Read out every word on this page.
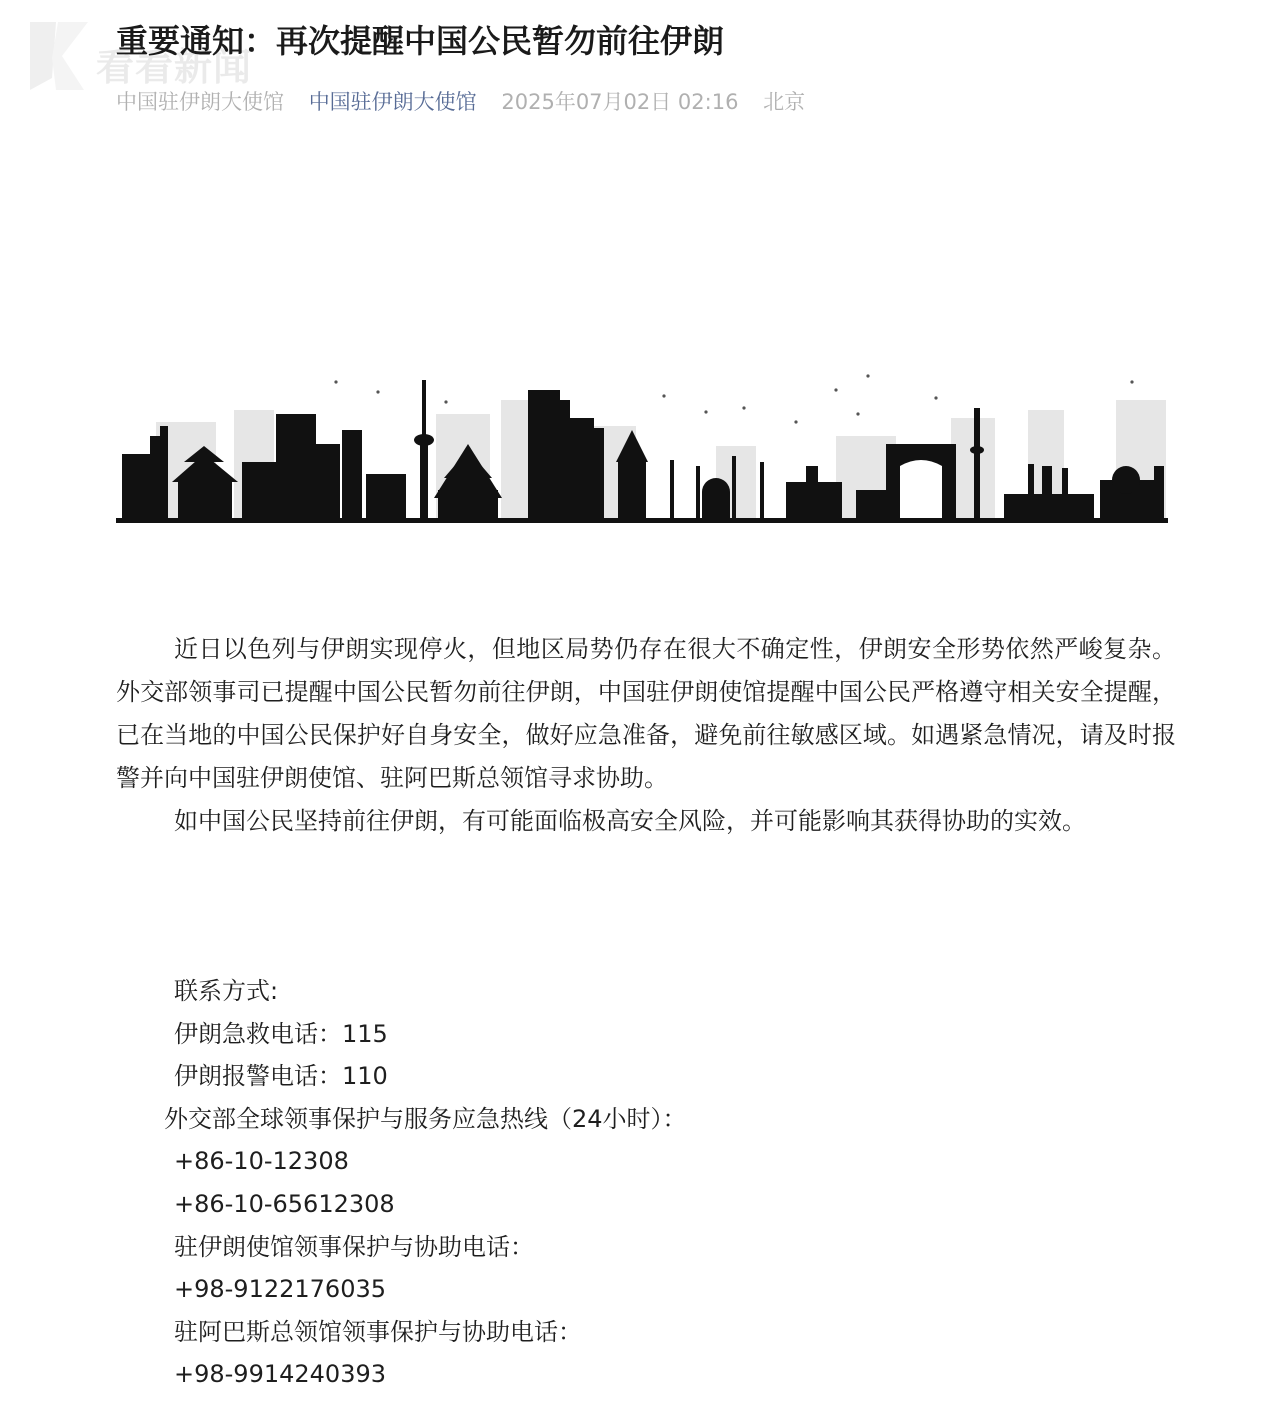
看看新闻
重要通知：再次提醒中国公民暂勿前往伊朗
中国驻伊朗大使馆 中国驻伊朗大使馆 2025年07月02日 02:16 北京

近日以色列与伊朗实现停火，但地区局势仍存在很大不确定性，伊朗安全形势依然严峻复杂。外交部领事司已提醒中国公民暂勿前往伊朗，中国驻伊朗使馆提醒中国公民严格遵守相关安全提醒，已在当地的中国公民保护好自身安全，做好应急准备，避免前往敏感区域。如遇紧急情况，请及时报警并向中国驻伊朗使馆、驻阿巴斯总领馆寻求协助。

如中国公民坚持前往伊朗，有可能面临极高安全风险，并可能影响其获得协助的实效。

联系方式:
伊朗急救电话：115
伊朗报警电话：110
外交部全球领事保护与服务应急热线（24小时）：
+86-10-12308
+86-10-65612308
驻伊朗使馆领事保护与协助电话：
+98-9122176035
驻阿巴斯总领馆领事保护与协助电话：
+98-9914240393
